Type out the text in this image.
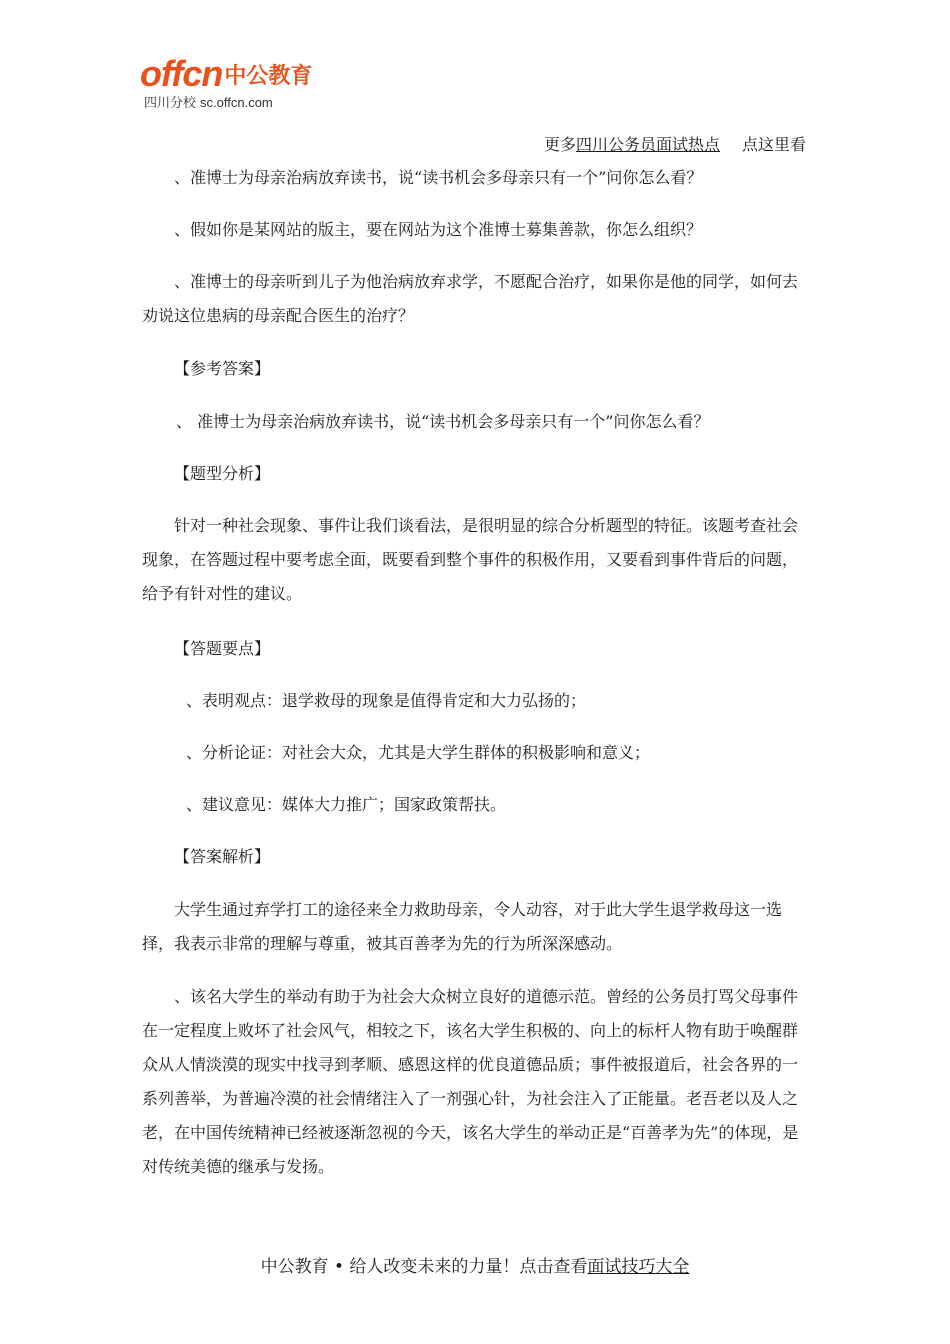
offcn中公教育
四川分校 sc.offcn.com
更多四川公务员面试热点 点这里看

、准博士为母亲治病放弃读书，说“读书机会多母亲只有一个”问你怎么看？

、假如你是某网站的版主，要在网站为这个准博士募集善款，你怎么组织？

、准博士的母亲听到儿子为他治病放弃求学，不愿配合治疗，如果你是他的同学，如何去劝说这位患病的母亲配合医生的治疗？

【参考答案】

、 准博士为母亲治病放弃读书，说“读书机会多母亲只有一个”问你怎么看？

【题型分析】

针对一种社会现象、事件让我们谈看法，是很明显的综合分析题型的特征。该题考查社会现象，在答题过程中要考虑全面，既要看到整个事件的积极作用，又要看到事件背后的问题，给予有针对性的建议。

【答题要点】

、表明观点：退学救母的现象是值得肯定和大力弘扬的；

、分析论证：对社会大众，尤其是大学生群体的积极影响和意义；

、建议意见：媒体大力推广；国家政策帮扶。

【答案解析】

大学生通过弃学打工的途径来全力救助母亲，令人动容，对于此大学生退学救母这一选择，我表示非常的理解与尊重，被其百善孝为先的行为所深深感动。

、该名大学生的举动有助于为社会大众树立良好的道德示范。曾经的公务员打骂父母事件在一定程度上败坏了社会风气，相较之下，该名大学生积极的、向上的标杆人物有助于唤醒群众从人情淡漠的现实中找寻到孝顺、感恩这样的优良道德品质；事件被报道后，社会各界的一系列善举，为普遍冷漠的社会情绪注入了一剂强心针，为社会注入了正能量。老吾老以及人之老，在中国传统精神已经被逐渐忽视的今天，该名大学生的举动正是“百善孝为先”的体现，是对传统美德的继承与发扬。

中公教育 • 给人改变未来的力量！点击查看面试技巧大全
